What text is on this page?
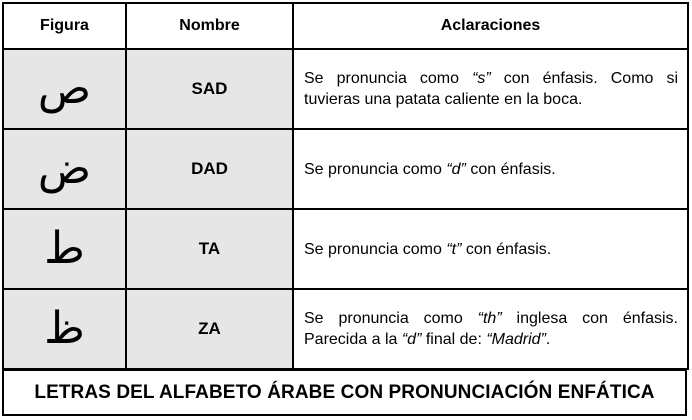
Figura	Nombre	Aclaraciones
ص	SAD	Se pronuncia como “s” con énfasis. Como si tuvieras una patata caliente en la boca.
ض	DAD	Se pronuncia como “d” con énfasis.
ط	TA	Se pronuncia como “t” con énfasis.
ظ	ZA	Se pronuncia como “th” inglesa con énfasis. Parecida a la “d” final de: “Madrid”.
LETRAS DEL ALFABETO ÁRABE CON PRONUNCIACIÓN ENFÁTICA
